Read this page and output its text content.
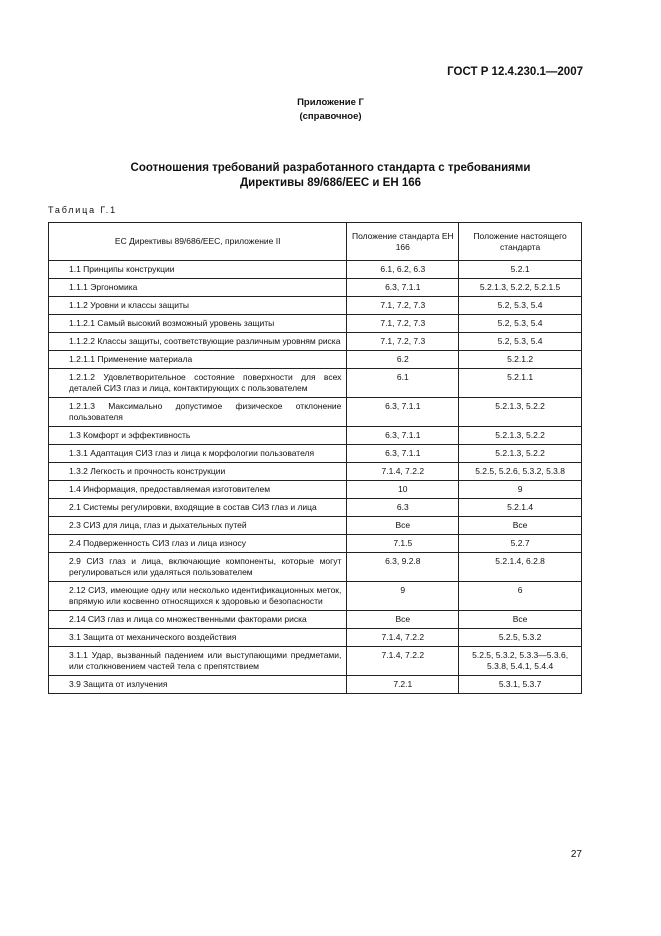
ГОСТ Р 12.4.230.1—2007
Приложение Г
(справочное)
Соотношения требований разработанного стандарта с требованиями
Директивы 89/686/ЕЕС и ЕН 166
Таблица Г.1
ЕС Директивы 89/686/ЕЕС, приложение II	Положение стандарта ЕН 166	Положение настоящего стандарта
1.1 Принципы конструкции	6.1, 6.2, 6.3	5.2.1
1.1.1 Эргономика	6.3, 7.1.1	5.2.1.3, 5.2.2, 5.2.1.5
1.1.2 Уровни и классы защиты	7.1, 7.2, 7.3	5.2, 5.3, 5.4
1.1.2.1 Самый высокий возможный уровень защиты	7.1, 7.2, 7.3	5.2, 5.3, 5.4
1.1.2.2 Классы защиты, соответствующие различным уровням риска	7.1, 7.2, 7.3	5.2, 5.3, 5.4
1.2.1.1 Применение материала	6.2	5.2.1.2
1.2.1.2 Удовлетворительное состояние поверхности для всех деталей СИЗ глаз и лица, контактирующих с пользователем	6.1	5.2.1.1
1.2.1.3 Максимально допустимое физическое отклонение пользователя	6.3, 7.1.1	5.2.1.3, 5.2.2
1.3 Комфорт и эффективность	6.3, 7.1.1	5.2.1.3, 5.2.2
1.3.1 Адаптация СИЗ глаз и лица к морфологии пользователя	6.3, 7.1.1	5.2.1.3, 5.2.2
1.3.2 Легкость и прочность конструкции	7.1.4, 7.2.2	5.2.5, 5.2.6, 5.3.2, 5.3.8
1.4 Информация, предоставляемая изготовителем	10	9
2.1 Системы регулировки, входящие в состав СИЗ глаз и лица	6.3	5.2.1.4
2.3 СИЗ для лица, глаз и дыхательных путей	Все	Все
2.4 Подверженность СИЗ глаз и лица износу	7.1.5	5.2.7
2.9 СИЗ глаз и лица, включающие компоненты, которые могут регулироваться или удаляться пользователем	6.3, 9.2.8	5.2.1.4, 6.2.8
2.12 СИЗ, имеющие одну или несколько идентификационных меток, впрямую или косвенно относящихся к здоровью и безопасности	9	6
2.14 СИЗ глаз и лица со множественными факторами риска	Все	Все
3.1 Защита от механического воздействия	7.1.4, 7.2.2	5.2.5, 5.3.2
3.1.1 Удар, вызванный падением или выступающими предметами, или столкновением частей тела с препятствием	7.1.4, 7.2.2	5.2.5, 5.3.2, 5.3.3—5.3.6, 5.3.8, 5.4.1, 5.4.4
3.9 Защита от излучения	7.2.1	5.3.1, 5.3.7
27
